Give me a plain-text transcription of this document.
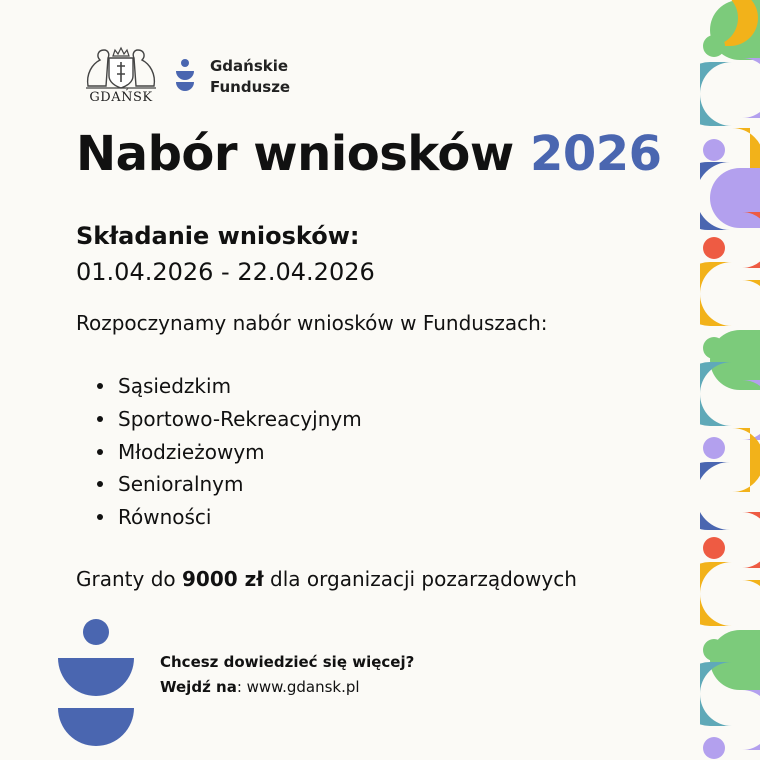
GDAŃSK
Gdańskie
Fundusze
Nabór wniosków 2026
Składanie wniosków:
01.04.2026 - 22.04.2026
Rozpoczynamy nabór wniosków w Funduszach:
Sąsiedzkim
Sportowo-Rekreacyjnym
Młodzieżowym
Senioralnym
Równości
Granty do 9000 zł dla organizacji pozarządowych
Chcesz dowiedzieć się więcej?
Wejdź na: www.gdansk.pl
